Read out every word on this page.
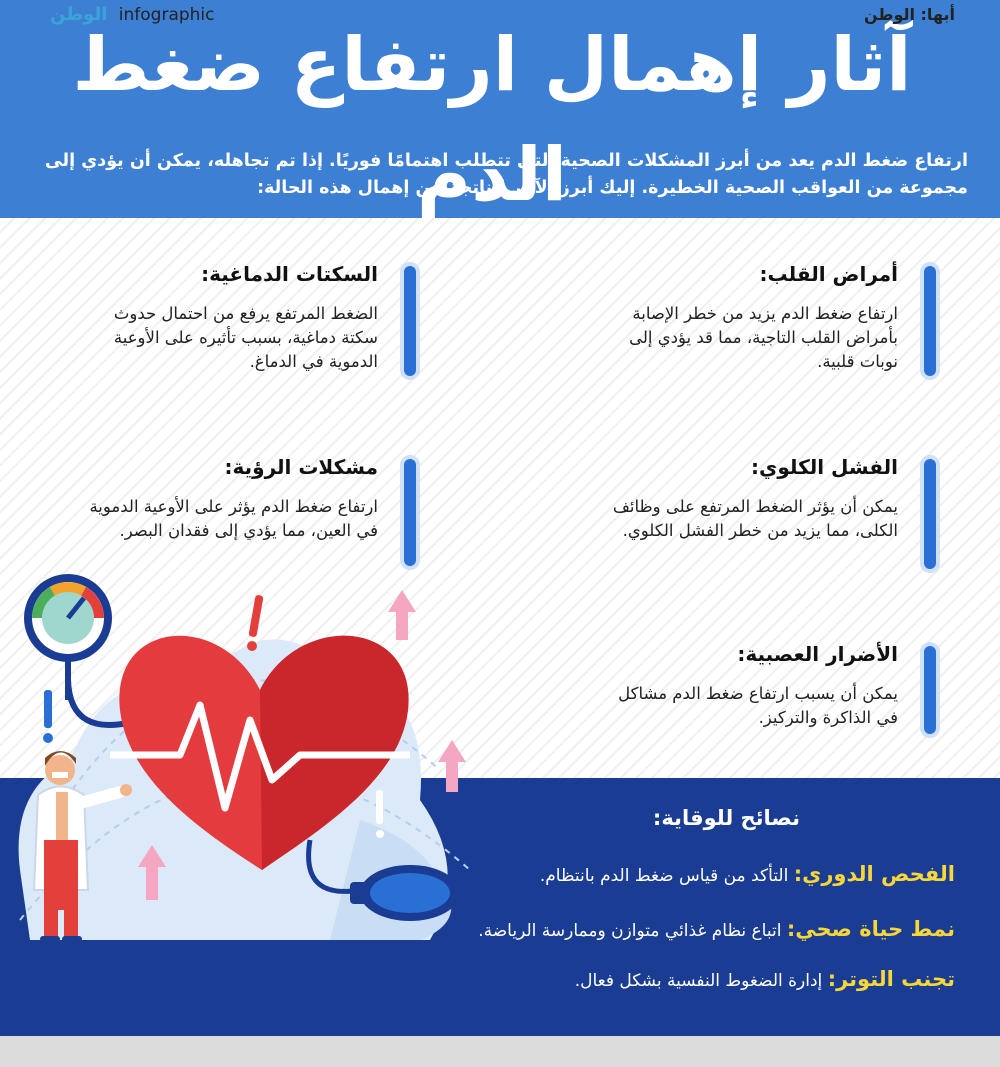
آثار إهمال ارتفاع ضغط الدم
ارتفاع ضغط الدم يعد من أبرز المشكلات الصحية التي تتطلب اهتمامًا فوريًا. إذا تم تجاهله، يمكن أن يؤدي إلى مجموعة من العواقب الصحية الخطيرة. إليك أبرز الآثار الناتجة عن إهمال هذه الحالة:
أمراض القلب:

ارتفاع ضغط الدم يزيد من خطر الإصابة بأمراض القلب التاجية، مما قد يؤدي إلى نوبات قلبية.

السكتات الدماغية:

الضغط المرتفع يرفع من احتمال حدوث سكتة دماغية، بسبب تأثيره على الأوعية الدموية في الدماغ.

الفشل الكلوي:

يمكن أن يؤثر الضغط المرتفع على وظائف الكلى، مما يزيد من خطر الفشل الكلوي.

مشكلات الرؤية:

ارتفاع ضغط الدم يؤثر على الأوعية الدموية في العين، مما يؤدي إلى فقدان البصر.

الأضرار العصبية:

يمكن أن يسبب ارتفاع ضغط الدم مشاكل في الذاكرة والتركيز.

نصائح للوقاية:
الفحص الدوري: التأكد من قياس ضغط الدم بانتظام.
نمط حياة صحي: اتباع نظام غذائي متوازن وممارسة الرياضة.
تجنب التوتر: إدارة الضغوط النفسية بشكل فعال.
أبها: الوطن
الوطن infographic
